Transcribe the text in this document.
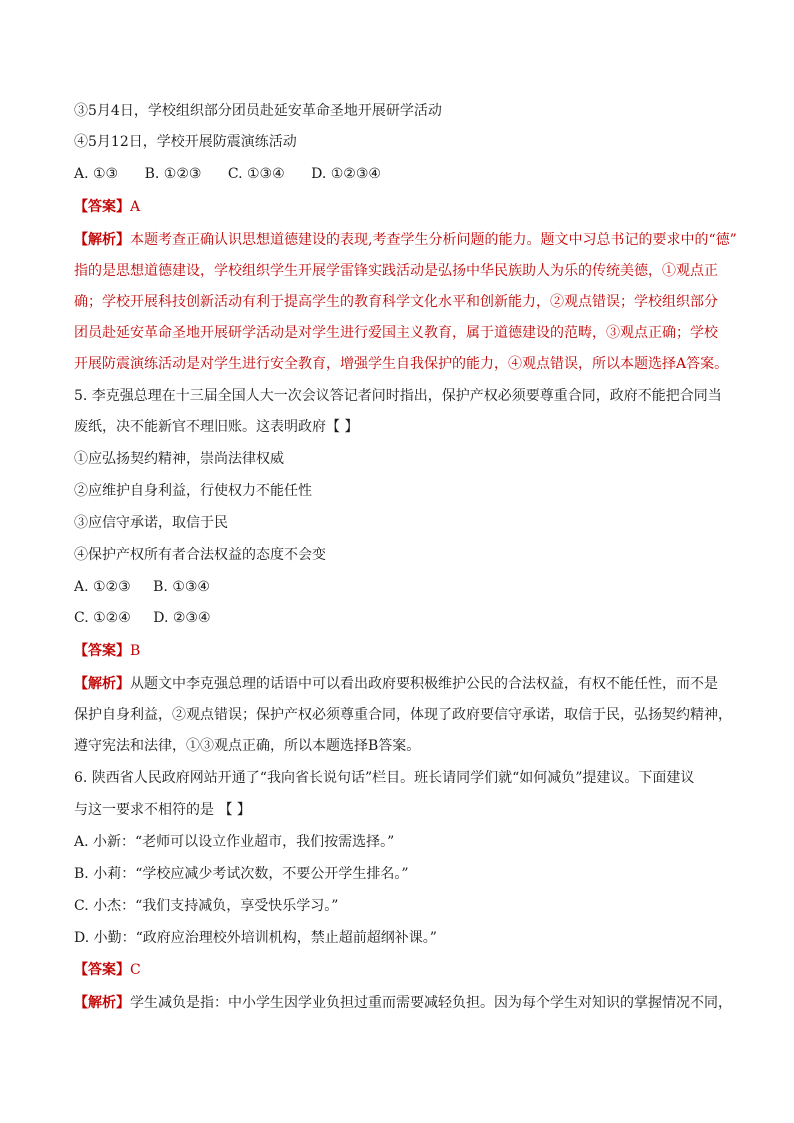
③5月4日，学校组织部分团员赴延安革命圣地开展研学活动
④5月12日，学校开展防震演练活动
A. ①③ B. ①②③ C. ①③④ D. ①②③④
【答案】A
【解析】本题考查正确认识思想道德建设的表现,考查学生分析问题的能力。题文中习总书记的要求中的“德”
指的是思想道德建设，学校组织学生开展学雷锋实践活动是弘扬中华民族助人为乐的传统美德，①观点正
确；学校开展科技创新活动有利于提高学生的教育科学文化水平和创新能力，②观点错误；学校组织部分
团员赴延安革命圣地开展研学活动是对学生进行爱国主义教育，属于道德建设的范畴，③观点正确；学校
开展防震演练活动是对学生进行安全教育，增强学生自我保护的能力，④观点错误，所以本题选择A答案。
5. 李克强总理在十三届全国人大一次会议答记者问时指出，保护产权必须要尊重合同，政府不能把合同当
废纸，决不能新官不理旧账。这表明政府【 】
①应弘扬契约精神，崇尚法律权威
②应维护自身利益，行使权力不能任性
③应信守承诺，取信于民
④保护产权所有者合法权益的态度不会变
A. ①②③ B. ①③④
C. ①②④ D. ②③④
【答案】B
【解析】从题文中李克强总理的话语中可以看出政府要积极维护公民的合法权益，有权不能任性，而不是
保护自身利益，②观点错误；保护产权必须尊重合同，体现了政府要信守承诺，取信于民，弘扬契约精神，
遵守宪法和法律，①③观点正确，所以本题选择B答案。
6. 陕西省人民政府网站开通了“我向省长说句话”栏目。班长请同学们就“如何减负”提建议。下面建议
与这一要求不相符的是 【 】
A. 小新：“老师可以设立作业超市，我们按需选择。”
B. 小莉：“学校应减少考试次数，不要公开学生排名。”
C. 小杰：“我们支持减负，享受快乐学习。”
D. 小勤：“政府应治理校外培训机构，禁止超前超纲补课。”
【答案】C
【解析】学生减负是指：中小学生因学业负担过重而需要减轻负担。因为每个学生对知识的掌握情况不同，
